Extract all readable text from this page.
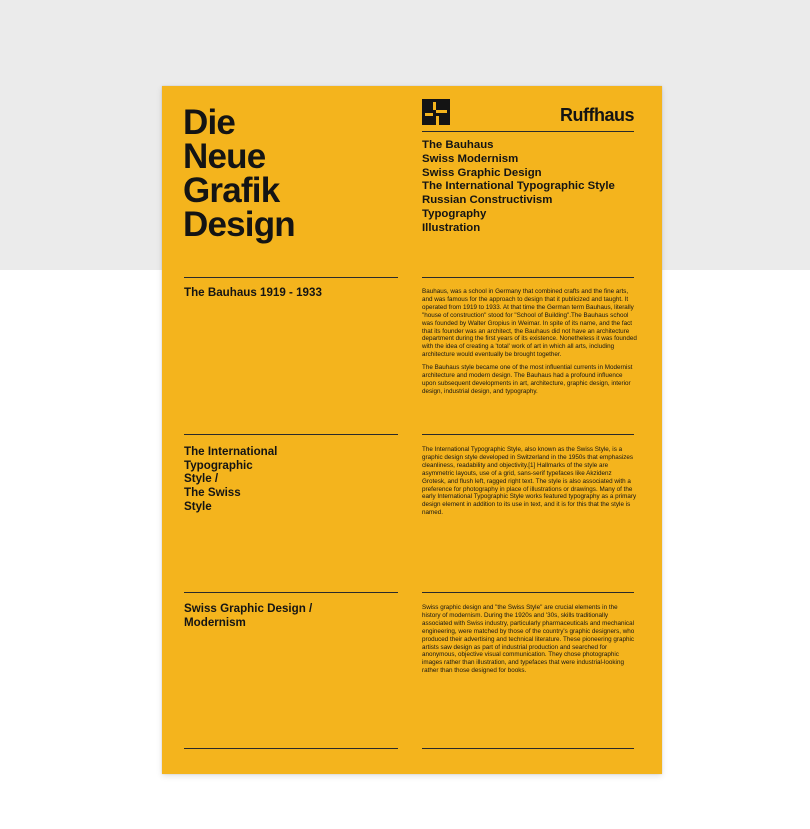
Die
Neue
Grafik
Design
Ruffhaus
The Bauhaus
Swiss Modernism
Swiss Graphic Design
The International Typographic Style
Russian Constructivism
Typography
Illustration
The Bauhaus 1919 - 1933	Bauhaus, was a school in Germany that combined crafts and the fine arts, and was famous for the approach to design that it publicized and taught. It operated from 1919 to 1933. At that time the German term Bauhaus, literally "house of construction" stood for "School of Building".The Bauhaus school was founded by Walter Gropius in Weimar. In spite of its name, and the fact that its founder was an architect, the Bauhaus did not have an architecture department during the first years of its existence. Nonetheless it was founded with the idea of creating a 'total' work of art in which all arts, including architecture would eventually be brought together.

The Bauhaus style became one of the most influential currents in Modernist architecture and modern design. The Bauhaus had a profound influence upon subsequent developments in art, architecture, graphic design, interior design, industrial design, and typography.

The International
Typographic
Style /
The Swiss
Style

The International Typographic Style, also known as the Swiss Style, is a graphic design style developed in Switzerland in the 1950s that emphasizes cleanliness, readability and objectivity.[1] Hallmarks of the style are asymmetric layouts, use of a grid, sans-serif typefaces like Akzidenz Grotesk, and flush left, ragged right text. The style is also associated with a preference for photography in place of illustrations or drawings. Many of the early International Typographic Style works featured typography as a primary design element in addition to its use in text, and it is for this that the style is named.

Swiss Graphic Design /
Modernism

Swiss graphic design and "the Swiss Style" are crucial elements in the history of modernism. During the 1920s and '30s, skills traditionally associated with Swiss industry, particularly pharmaceuticals and mechanical engineering, were matched by those of the country's graphic designers, who produced their advertising and technical literature. These pioneering graphic artists saw design as part of industrial production and searched for anonymous, objective visual communication. They chose photographic images rather than illustration, and typefaces that were industrial-looking rather than those designed for books.
